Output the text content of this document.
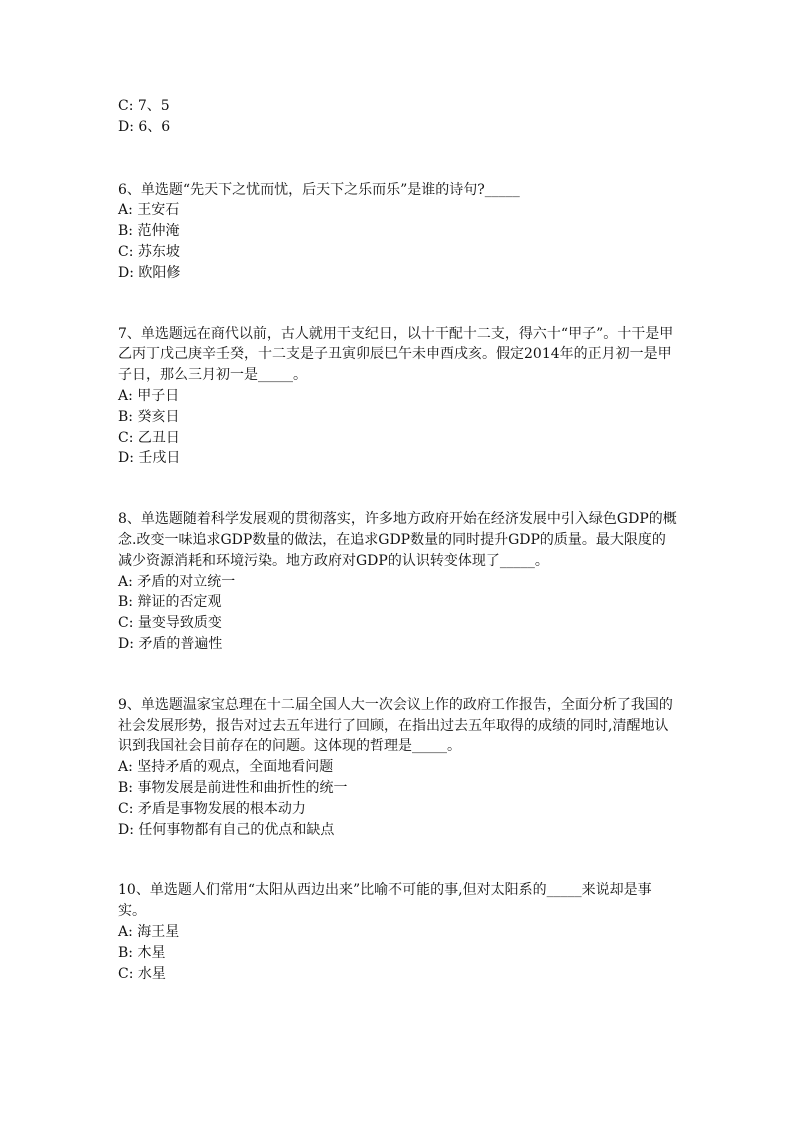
C: 7、5

D: 6、6

6、单选题“先天下之忧而忧，后天下之乐而乐”是谁的诗句?_____

A: 王安石

B: 范仲淹

C: 苏东坡

D: 欧阳修

7、单选题远在商代以前，古人就用干支纪日，以十干配十二支，得六十“甲子”。十干是甲乙丙丁戊己庚辛壬癸，十二支是子丑寅卯辰巳午未申酉戌亥。假定2014年的正月初一是甲子日，那么三月初一是_____。

A: 甲子日

B: 癸亥日

C: 乙丑日

D: 壬戌日

8、单选题随着科学发展观的贯彻落实，许多地方政府开始在经济发展中引入绿色GDP的概念.改变一味追求GDP数量的做法，在追求GDP数量的同时提升GDP的质量。最大限度的减少资源消耗和环境污染。地方政府对GDP的认识转变体现了_____。

A: 矛盾的对立统一

B: 辩证的否定观

C: 量变导致质变

D: 矛盾的普遍性

9、单选题温家宝总理在十二届全国人大一次会议上作的政府工作报告，全面分析了我国的社会发展形势，报告对过去五年进行了回顾，在指出过去五年取得的成绩的同时,清醒地认识到我国社会目前存在的问题。这体现的哲理是_____。

A: 坚持矛盾的观点，全面地看问题

B: 事物发展是前进性和曲折性的统一

C: 矛盾是事物发展的根本动力

D: 任何事物都有自己的优点和缺点

10、单选题人们常用“太阳从西边出来”比喻不可能的事,但对太阳系的_____来说却是事实。

A: 海王星

B: 木星

C: 水星
